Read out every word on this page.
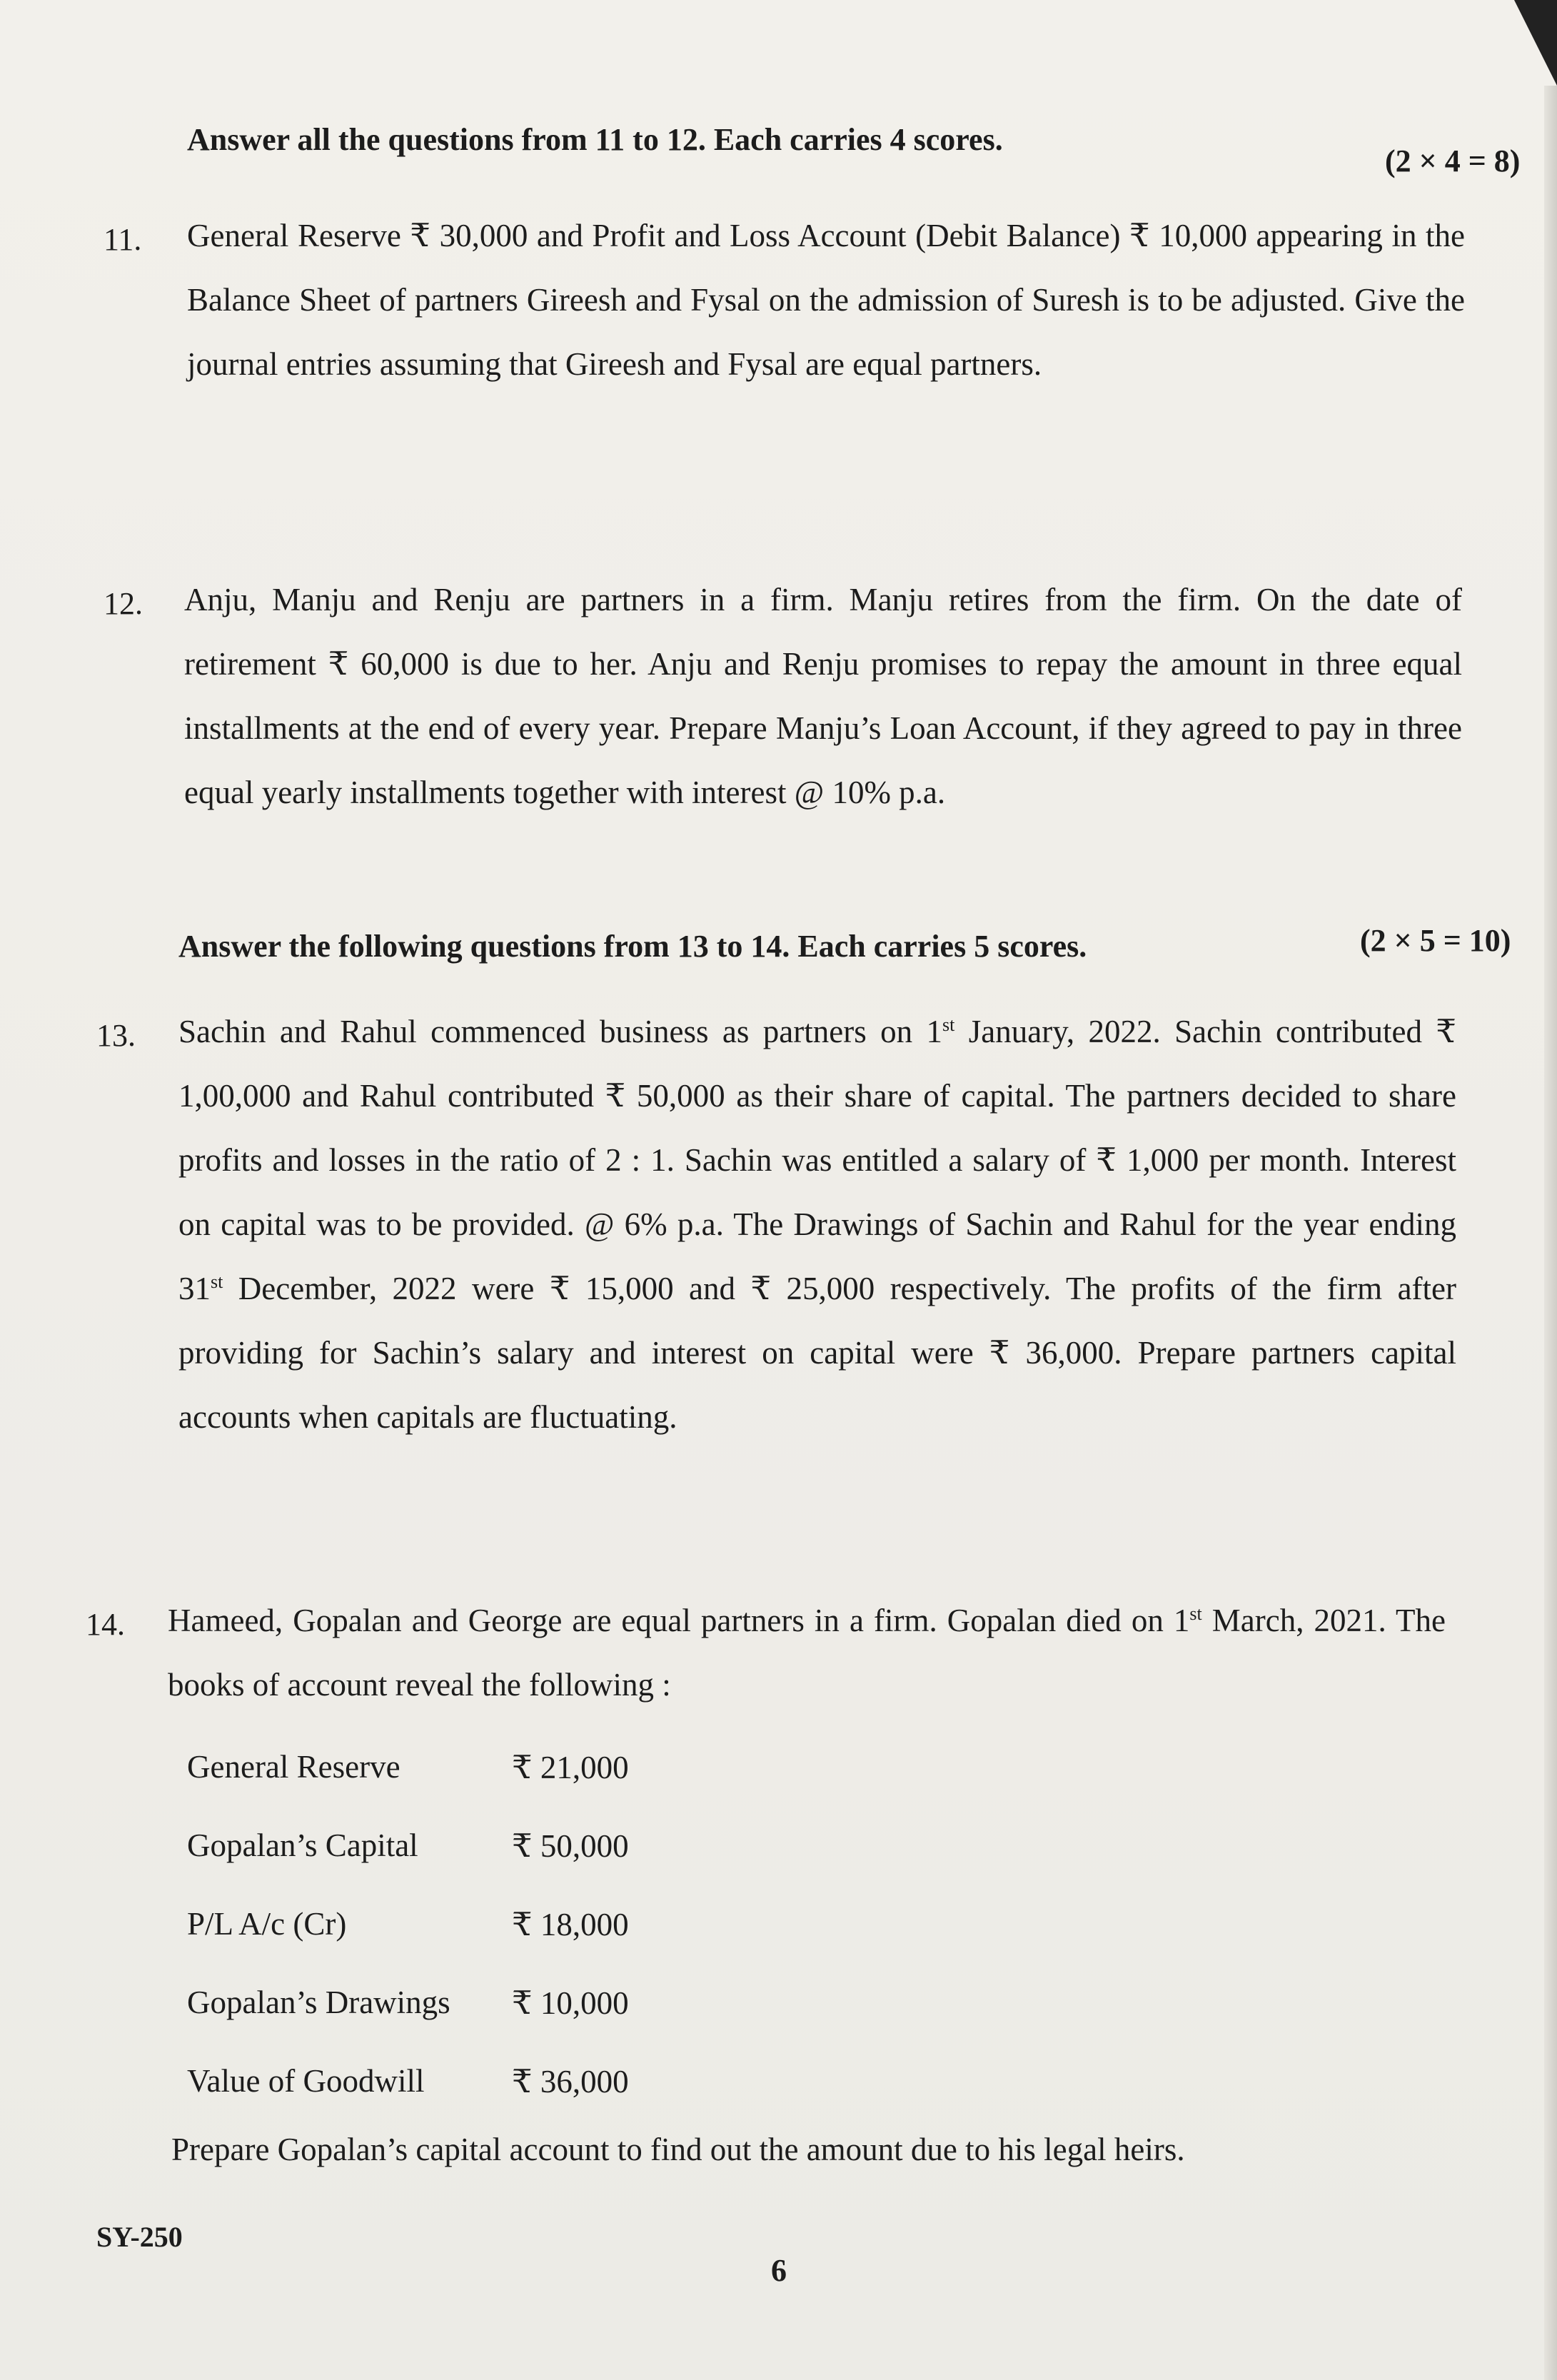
Answer all the questions from 11 to 12. Each carries 4 scores.
(2 × 4 = 8)
11. General Reserve ₹ 30,000 and Profit and Loss Account (Debit Balance) ₹ 10,000 appearing in the Balance Sheet of partners Gireesh and Fysal on the admission of Suresh is to be adjusted. Give the journal entries assuming that Gireesh and Fysal are equal partners.
12. Anju, Manju and Renju are partners in a firm. Manju retires from the firm. On the date of retirement ₹ 60,000 is due to her. Anju and Renju promises to repay the amount in three equal installments at the end of every year. Prepare Manju’s Loan Account, if they agreed to pay in three equal yearly installments together with interest @ 10% p.a.
Answer the following questions from 13 to 14. Each carries 5 scores.	(2 × 5 = 10)
13. Sachin and Rahul commenced business as partners on 1st January, 2022. Sachin contributed ₹ 1,00,000 and Rahul contributed ₹ 50,000 as their share of capital. The partners decided to share profits and losses in the ratio of 2 : 1. Sachin was entitled a salary of ₹ 1,000 per month. Interest on capital was to be provided. @ 6% p.a. The Drawings of Sachin and Rahul for the year ending 31st December, 2022 were ₹ 15,000 and ₹ 25,000 respectively. The profits of the firm after providing for Sachin’s salary and interest on capital were ₹ 36,000. Prepare partners capital accounts when capitals are fluctuating.
14. Hameed, Gopalan and George are equal partners in a firm. Gopalan died on 1st March, 2021. The books of account reveal the following :
General Reserve	₹ 21,000
Gopalan’s Capital	₹ 50,000
P/L A/c (Cr)	₹ 18,000
Gopalan’s Drawings	₹ 10,000
Value of Goodwill	₹ 36,000
Prepare Gopalan’s capital account to find out the amount due to his legal heirs.
SY-250
6
